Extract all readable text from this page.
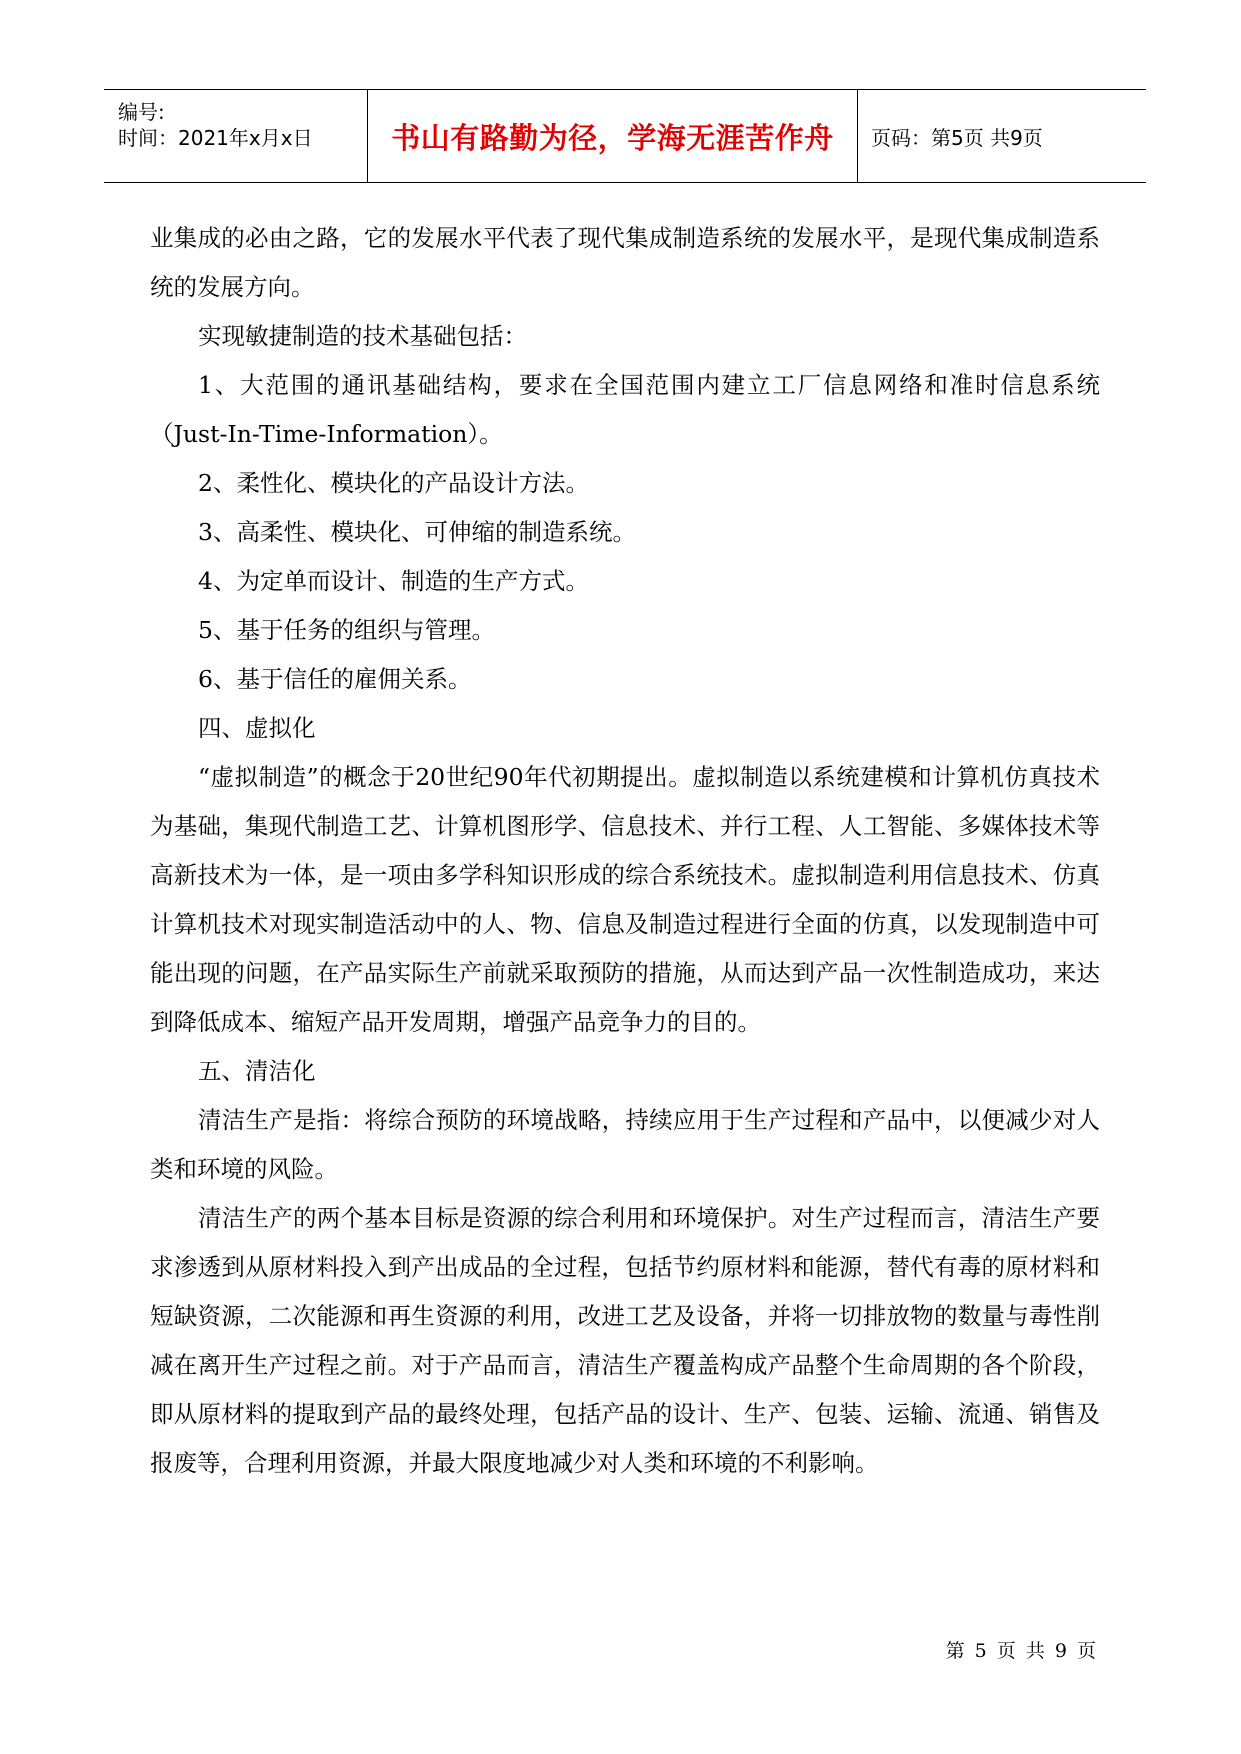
编号:
时间：2021年x月x日	书山有路勤为径，学海无涯苦作舟 页码：第5页 共9页

业集成的必由之路，它的发展水平代表了现代集成制造系统的发展水平，是现代集成制造系统的发展方向。

实现敏捷制造的技术基础包括：

1、大范围的通讯基础结构，要求在全国范围内建立工厂信息网络和准时信息系统（Just-In-Time-Information）。

2、柔性化、模块化的产品设计方法。

3、高柔性、模块化、可伸缩的制造系统。

4、为定单而设计、制造的生产方式。

5、基于任务的组织与管理。

6、基于信任的雇佣关系。

四、虚拟化

“虚拟制造”的概念于20世纪90年代初期提出。虚拟制造以系统建模和计算机仿真技术为基础，集现代制造工艺、计算机图形学、信息技术、并行工程、人工智能、多媒体技术等高新技术为一体，是一项由多学科知识形成的综合系统技术。虚拟制造利用信息技术、仿真计算机技术对现实制造活动中的人、物、信息及制造过程进行全面的仿真，以发现制造中可能出现的问题，在产品实际生产前就采取预防的措施，从而达到产品一次性制造成功，来达到降低成本、缩短产品开发周期，增强产品竞争力的目的。

五、清洁化

清洁生产是指：将综合预防的环境战略，持续应用于生产过程和产品中，以便减少对人类和环境的风险。

清洁生产的两个基本目标是资源的综合利用和环境保护。对生产过程而言，清洁生产要求渗透到从原材料投入到产出成品的全过程，包括节约原材料和能源，替代有毒的原材料和短缺资源，二次能源和再生资源的利用，改进工艺及设备，并将一切排放物的数量与毒性削减在离开生产过程之前。对于产品而言，清洁生产覆盖构成产品整个生命周期的各个阶段，即从原材料的提取到产品的最终处理，包括产品的设计、生产、包装、运输、流通、销售及报废等，合理利用资源，并最大限度地减少对人类和环境的不利影响。

第 5 页 共 9 页
